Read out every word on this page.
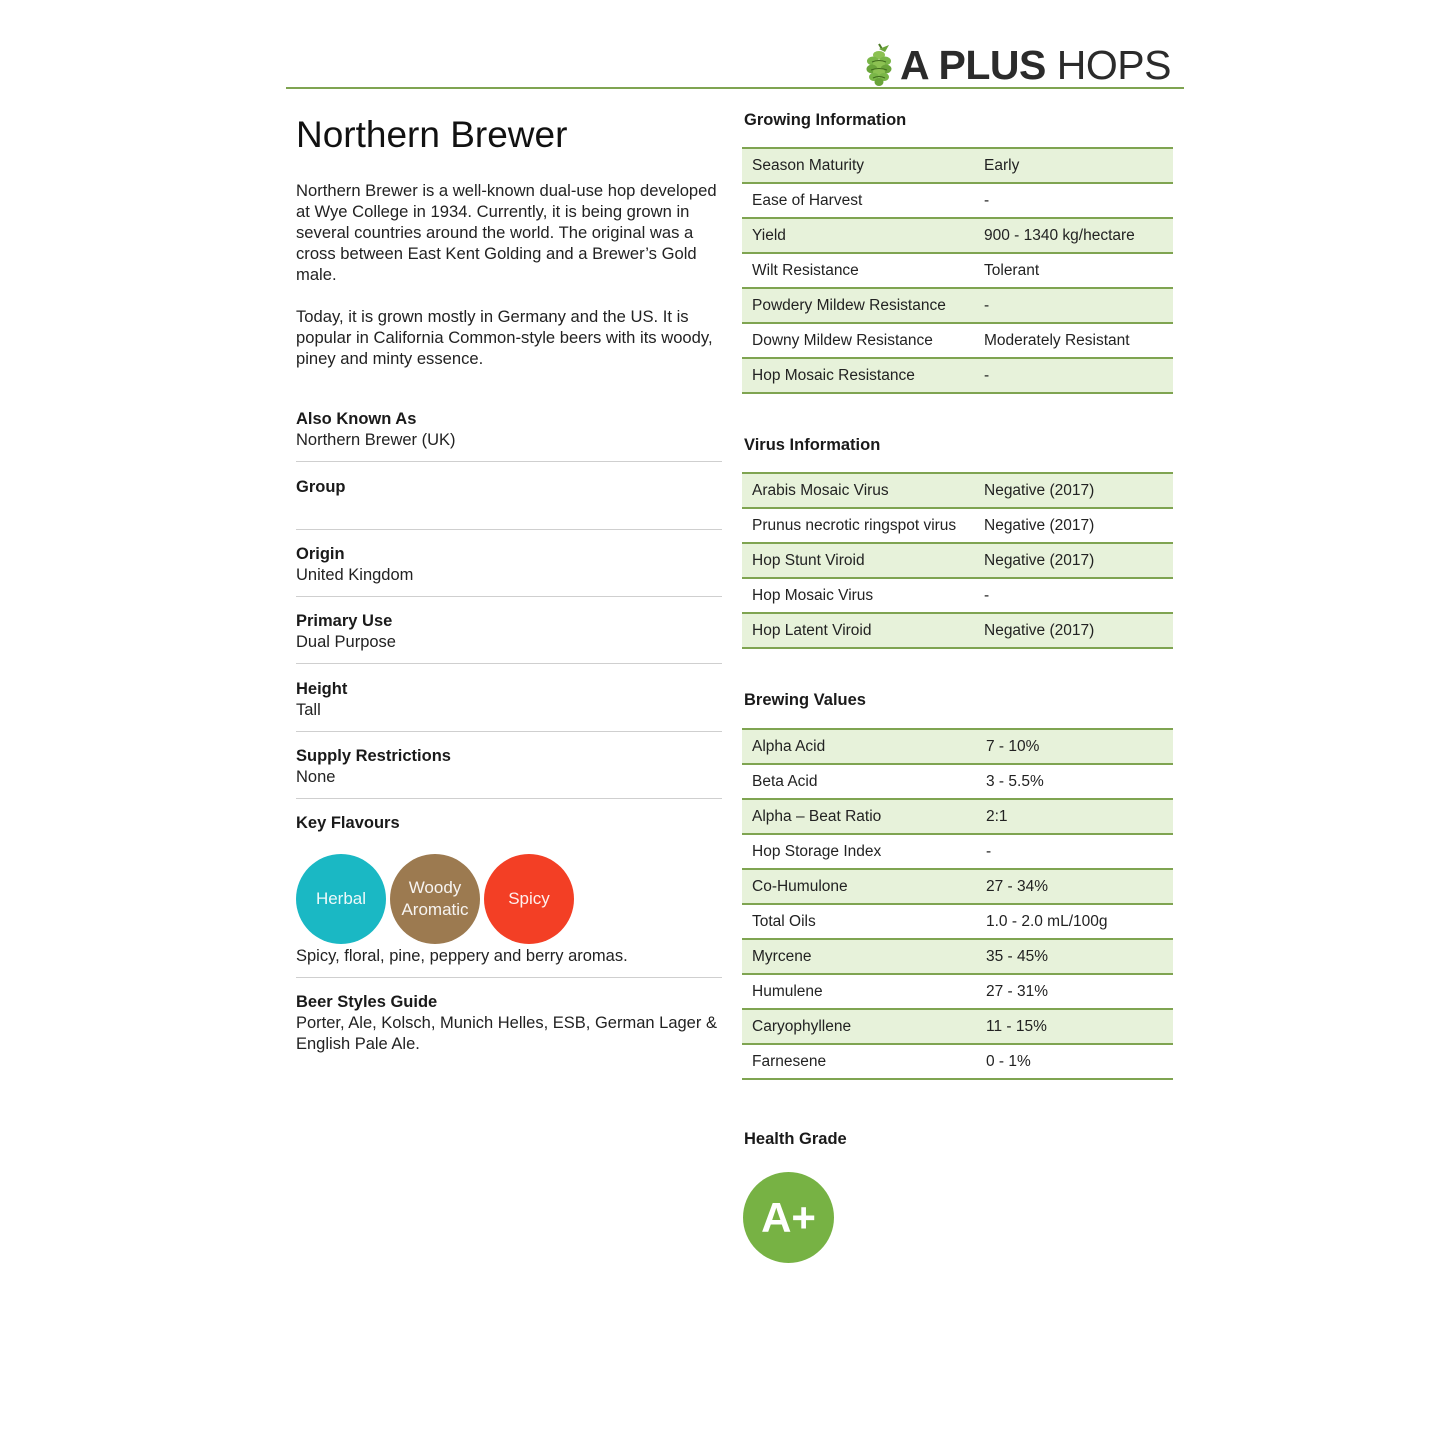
A PLUS HOPS
Northern Brewer

Northern Brewer is a well-known dual-use hop developed at Wye College in 1934. Currently, it is being grown in several countries around the world. The original was a cross between East Kent Golding and a Brewer’s Gold male.

Today, it is grown mostly in Germany and the US. It is popular in California Common-style beers with its woody, piney and minty essence.

Also Known As
Northern Brewer (UK)
Group
Origin
United Kingdom
Primary Use
Dual Purpose
Height
Tall
Supply Restrictions
None
Key Flavours
Herbal
Woody
Aromatic
Spicy
Spicy, floral, pine, peppery and berry aromas.
Beer Styles Guide
Porter, Ale, Kolsch, Munich Helles, ESB, German Lager & English Pale Ale.
Growing Information
Season Maturity	Early
Ease of Harvest	-
Yield	900 - 1340 kg/hectare
Wilt Resistance	Tolerant
Powdery Mildew Resistance	-
Downy Mildew Resistance	Moderately Resistant
Hop Mosaic Resistance	-
Virus Information
Arabis Mosaic Virus	Negative (2017)
Prunus necrotic ringspot virus	Negative (2017)
Hop Stunt Viroid	Negative (2017)
Hop Mosaic Virus	-
Hop Latent Viroid	Negative (2017)
Brewing Values
Alpha Acid	7 - 10%
Beta Acid	3 - 5.5%
Alpha – Beat Ratio	2:1
Hop Storage Index	-
Co-Humulone	27 - 34%
Total Oils	1.0 - 2.0 mL/100g
Myrcene	35 - 45%
Humulene	27 - 31%
Caryophyllene	11 - 15%
Farnesene	0 - 1%
Health Grade
A+
